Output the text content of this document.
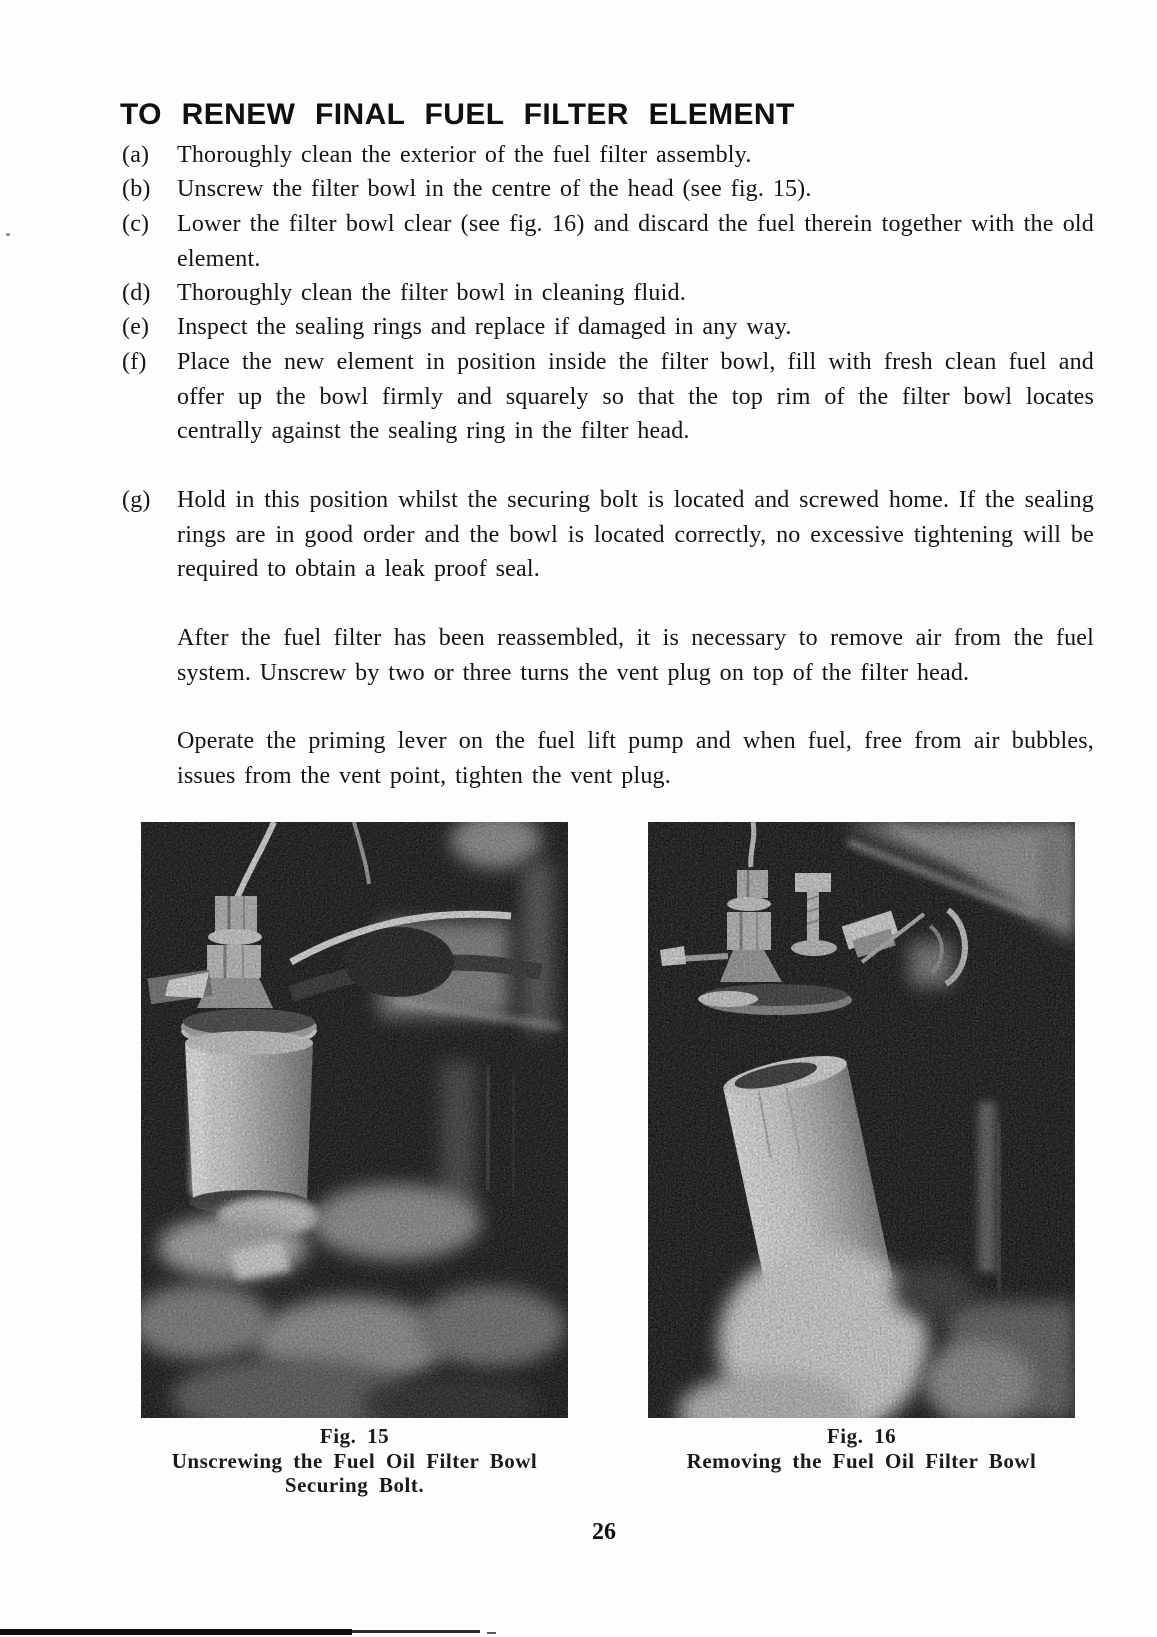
TO RENEW FINAL FUEL FILTER ELEMENT
(a) Thoroughly clean the exterior of the fuel filter assembly.
(b) Unscrew the filter bowl in the centre of the head (see fig. 15).
(c) Lower the filter bowl clear (see fig. 16) and discard the fuel therein together with the old element.
(d) Thoroughly clean the filter bowl in cleaning fluid.
(e) Inspect the sealing rings and replace if damaged in any way.
(f) Place the new element in position inside the filter bowl, fill with fresh clean fuel and offer up the bowl firmly and squarely so that the top rim of the filter bowl locates centrally against the sealing ring in the filter head.
(g) Hold in this position whilst the securing bolt is located and screwed home. If the sealing rings are in good order and the bowl is located correctly, no excessive tightening will be required to obtain a leak proof seal.
After the fuel filter has been reassembled, it is necessary to remove air from the fuel system. Unscrew by two or three turns the vent plug on top of the filter head.
Operate the priming lever on the fuel lift pump and when fuel, free from air bubbles, issues from the vent point, tighten the vent plug.
Fig. 15
Unscrewing the Fuel Oil Filter Bowl
Securing Bolt.
Fig. 16
Removing the Fuel Oil Filter Bowl
26
